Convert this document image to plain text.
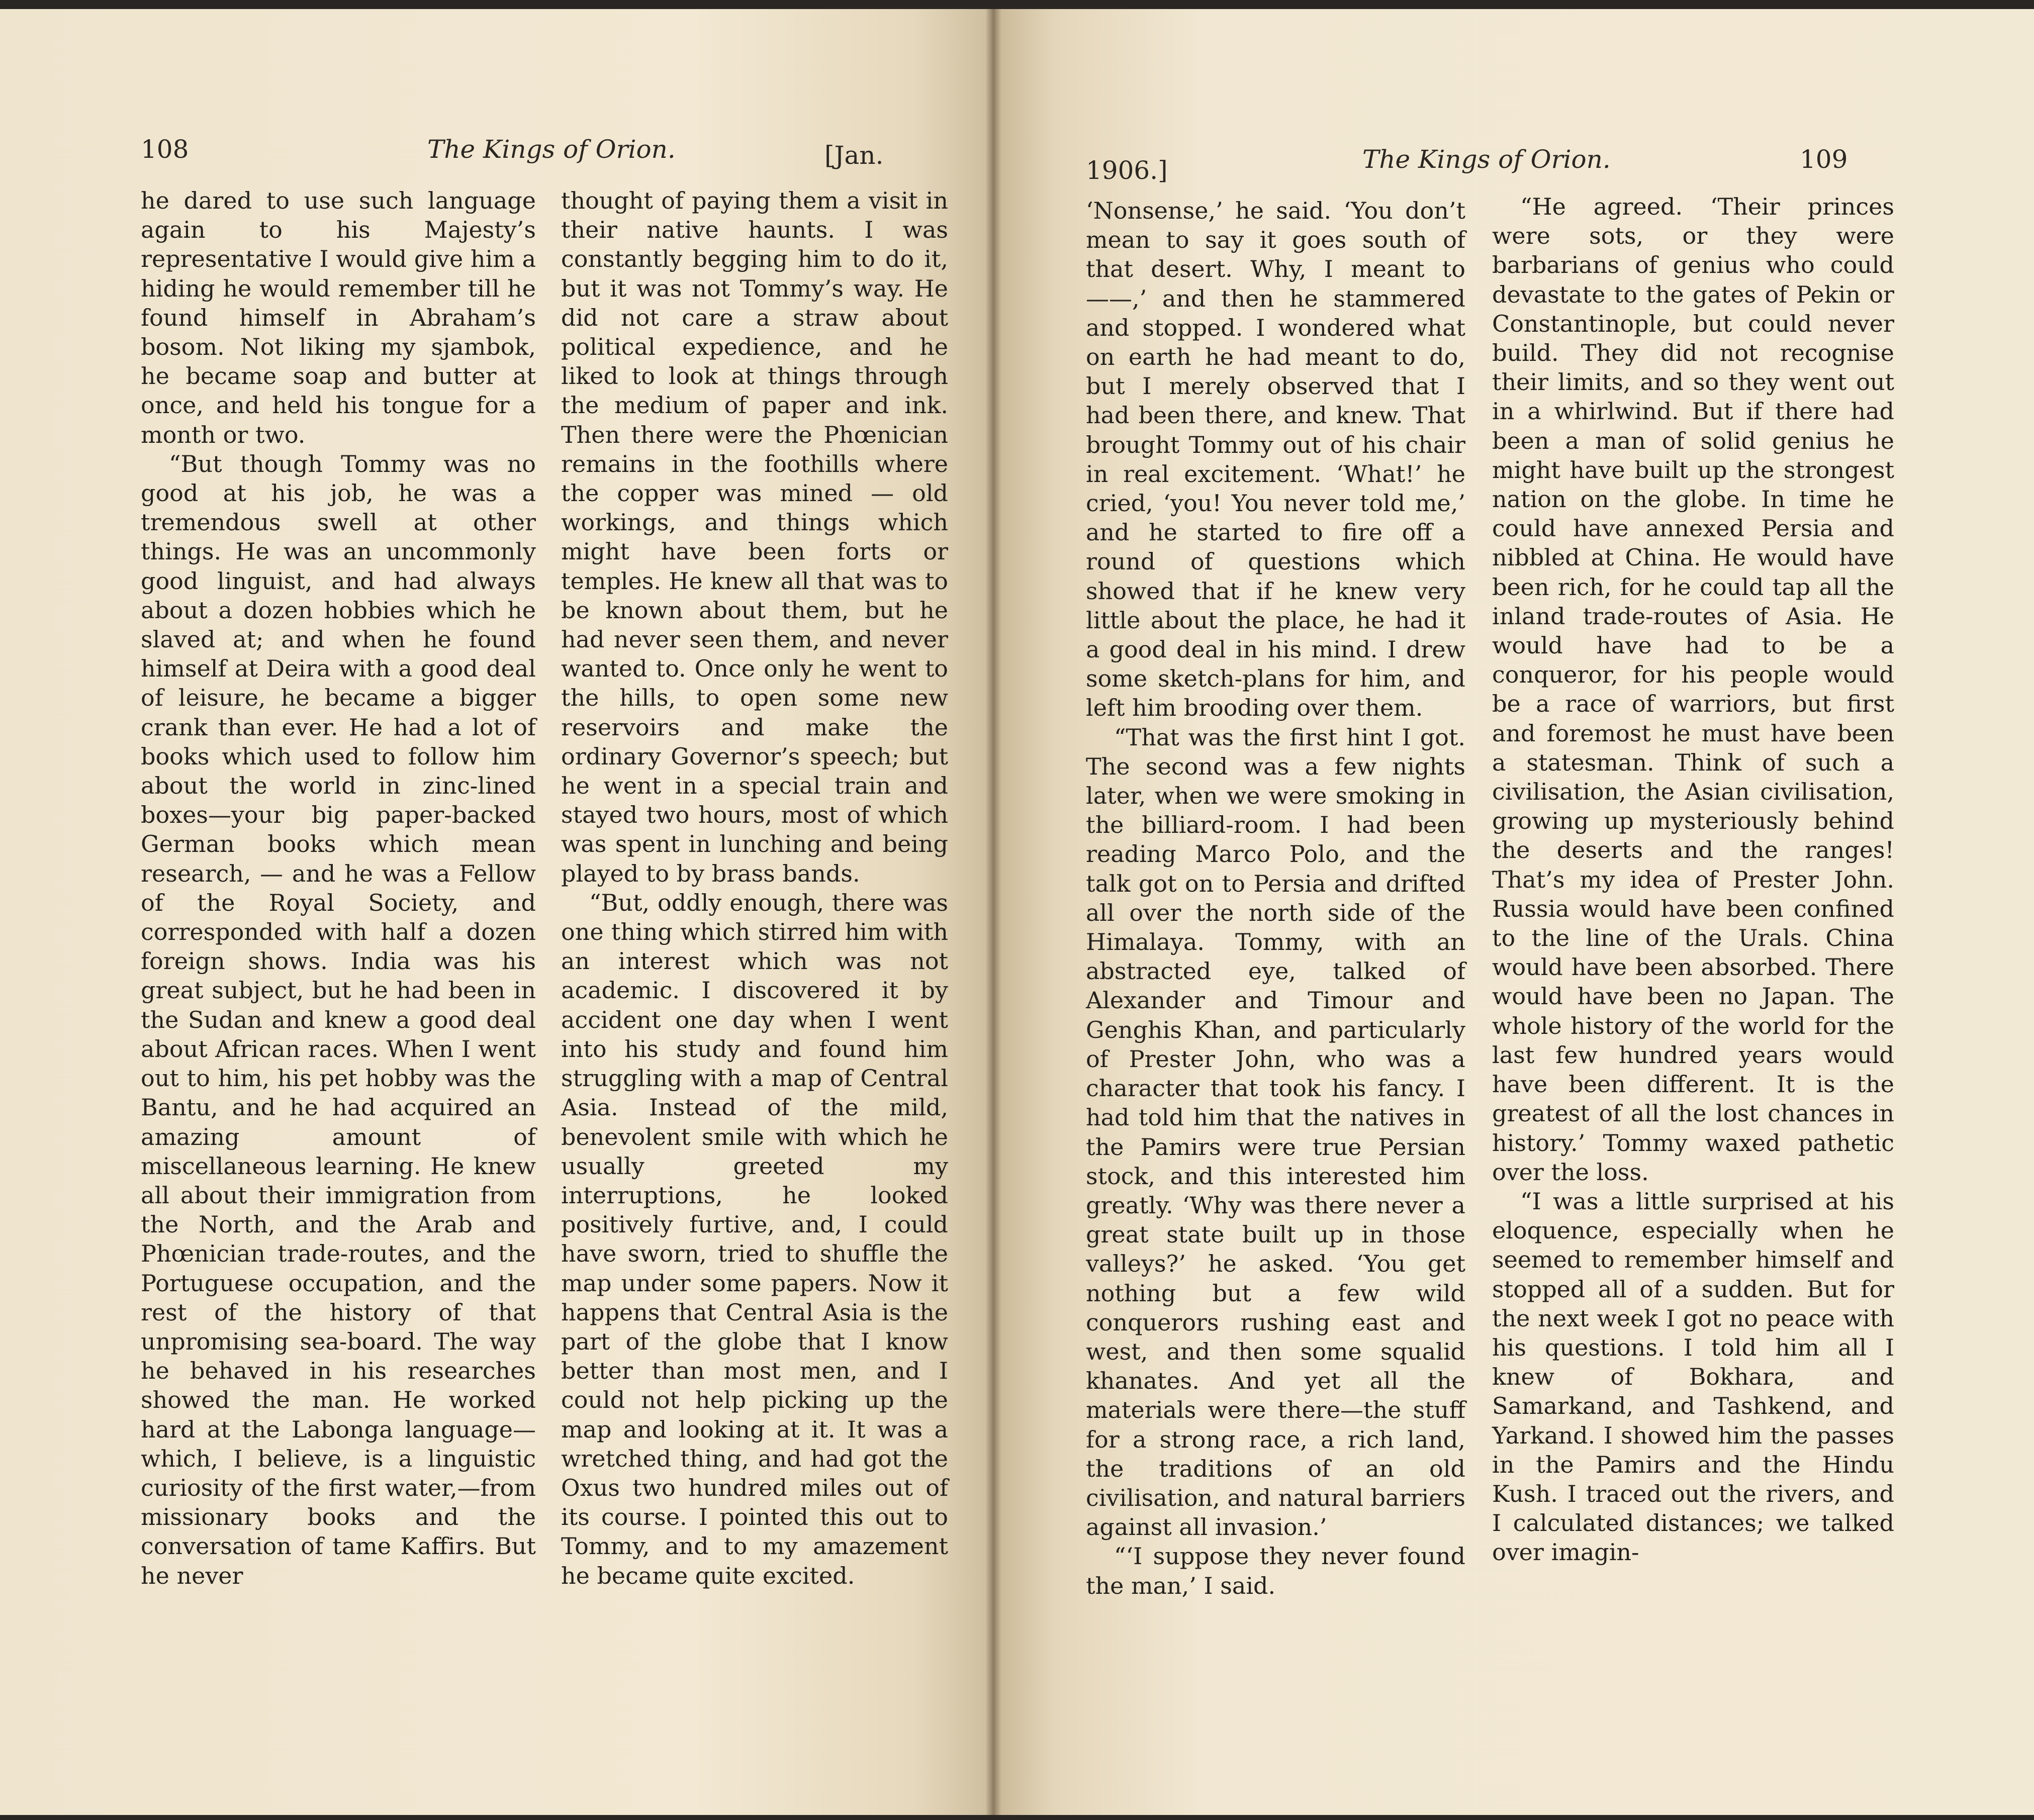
108	The Kings of Orion.	[Jan.

he dared to use such language again to his Majesty’s representative I would give him a hiding he would remember till he found himself in Abraham’s bosom. Not liking my sjambok, he became soap and butter at once, and held his tongue for a month or two.

“But though Tommy was no good at his job, he was a tremendous swell at other things. He was an uncommonly good linguist, and had always about a dozen hobbies which he slaved at; and when he found himself at Deira with a good deal of leisure, he became a bigger crank than ever. He had a lot of books which used to follow him about the world in zinc-lined boxes—your big paper-backed German books which mean research, — and he was a Fellow of the Royal Society, and corresponded with half a dozen foreign shows. India was his great subject, but he had been in the Sudan and knew a good deal about African races. When I went out to him, his pet hobby was the Bantu, and he had acquired an amazing amount of miscellaneous learning. He knew all about their immigration from the North, and the Arab and Phœnician trade-routes, and the Portuguese occupation, and the rest of the history of that unpromising sea-board. The way he behaved in his researches showed the man. He worked hard at the Labonga language—which, I believe, is a linguistic curiosity of the first water,—from missionary books and the conversation of tame Kaffirs. But he never

thought of paying them a visit in their native haunts. I was constantly begging him to do it, but it was not Tommy’s way. He did not care a straw about political expedience, and he liked to look at things through the medium of paper and ink. Then there were the Phœnician remains in the foothills where the copper was mined — old workings, and things which might have been forts or temples. He knew all that was to be known about them, but he had never seen them, and never wanted to. Once only he went to the hills, to open some new reservoirs and make the ordinary Governor’s speech; but he went in a special train and stayed two hours, most of which was spent in lunching and being played to by brass bands.

“But, oddly enough, there was one thing which stirred him with an interest which was not academic. I discovered it by accident one day when I went into his study and found him struggling with a map of Central Asia. Instead of the mild, benevolent smile with which he usually greeted my interruptions, he looked positively furtive, and, I could have sworn, tried to shuffle the map under some papers. Now it happens that Central Asia is the part of the globe that I know better than most men, and I could not help picking up the map and looking at it. It was a wretched thing, and had got the Oxus two hundred miles out of its course. I pointed this out to Tommy, and to my amazement he became quite excited.

1906.]	The Kings of Orion.	109

‘Nonsense,’ he said. ‘You don’t mean to say it goes south of that desert. Why, I meant to——,’ and then he stammered and stopped. I wondered what on earth he had meant to do, but I merely observed that I had been there, and knew. That brought Tommy out of his chair in real excitement. ‘What!’ he cried, ‘you! You never told me,’ and he started to fire off a round of questions which showed that if he knew very little about the place, he had it a good deal in his mind. I drew some sketch-plans for him, and left him brooding over them.

“That was the first hint I got. The second was a few nights later, when we were smoking in the billiard-room. I had been reading Marco Polo, and the talk got on to Persia and drifted all over the north side of the Himalaya. Tommy, with an abstracted eye, talked of Alexander and Timour and Genghis Khan, and particularly of Prester John, who was a character that took his fancy. I had told him that the natives in the Pamirs were true Persian stock, and this interested him greatly. ‘Why was there never a great state built up in those valleys?’ he asked. ‘You get nothing but a few wild conquerors rushing east and west, and then some squalid khanates. And yet all the materials were there—the stuff for a strong race, a rich land, the traditions of an old civilisation, and natural barriers against all invasion.’

“‘I suppose they never found the man,’ I said.

“He agreed. ‘Their princes were sots, or they were barbarians of genius who could devastate to the gates of Pekin or Constantinople, but could never build. They did not recognise their limits, and so they went out in a whirlwind. But if there had been a man of solid genius he might have built up the strongest nation on the globe. In time he could have annexed Persia and nibbled at China. He would have been rich, for he could tap all the inland trade-routes of Asia. He would have had to be a conqueror, for his people would be a race of warriors, but first and foremost he must have been a statesman. Think of such a civilisation, the Asian civilisation, growing up mysteriously behind the deserts and the ranges! That’s my idea of Prester John. Russia would have been confined to the line of the Urals. China would have been absorbed. There would have been no Japan. The whole history of the world for the last few hundred years would have been different. It is the greatest of all the lost chances in history.’ Tommy waxed pathetic over the loss.

“I was a little surprised at his eloquence, especially when he seemed to remember himself and stopped all of a sudden. But for the next week I got no peace with his questions. I told him all I knew of Bokhara, and Samarkand, and Tashkend, and Yarkand. I showed him the passes in the Pamirs and the Hindu Kush. I traced out the rivers, and I calculated distances; we talked over imagin-
